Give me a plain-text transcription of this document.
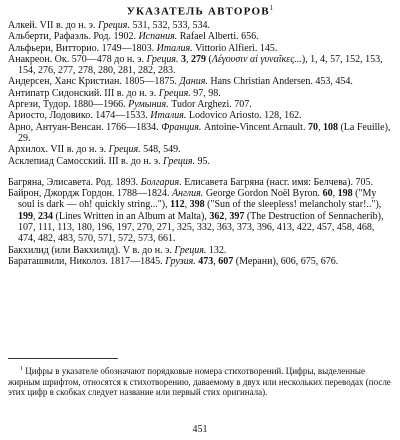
УКАЗАТЕЛЬ АВТОРОВ$^1$
Алкей. VII в. до н. э. Греция. 531, 532, 533, 534.
Альберти, Рафаэль. Род. 1902. Испания. Rafael Alberti. 656.
Альфьери, Витторио. 1749—1803. Италия. Vittorio Alfieri. 145.
Анакреон. Ок. 570—478 до н. э. Греция. 3, 279 (Λέγουσιν αἱ γυναῖκες...), 1, 4, 57, 152, 153, 154, 276, 277, 278, 280, 281, 282, 283.
Андерсен, Ханс Кристиан. 1805—1875. Дания. Hans Christian Andersen. 453, 454.
Антипатр Сидонский. III в. до н. э. Греция. 97, 98.
Аргези, Тудор. 1880—1966. Румыния. Tudor Arghezi. 707.
Ариосто, Лодовико. 1474—1533. Италия. Lodovico Ariosto. 128, 162.
Арно, Антуан-Венсан. 1766—1834. Франция. Antoine-Vincent Arnault. 70, 108 (La Feuille), 29.
Архилох. VII в. до н. э. Греция. 548, 549.
Асклепиад Самосский. III в. до н. э. Греция. 95.
Багряна, Элисавета. Род. 1893. Болгария. Елисавета Багряна (насг. имя: Белчева). 705.
Байрон, Джордж Гордон. 1788—1824. Англия. George Gordon Noël Byron. 60, 198 ("My soul is dark — oh! quickly string..."), 112, 398 ("Sun of the sleepless! melancholy star!.."), 199, 234 (Lines Written in an Album at Malta), 362, 397 (The Destruction of Sennacherib), 107, 111, 113, 180, 196, 197, 270, 271, 325, 332, 363, 373, 396, 413, 422, 457, 458, 468, 474, 482, 483, 570, 571, 572, 573, 661.
Бакхилид (или Вакхилид). V в. до н. э. Греция. 132.
Бараташвили, Николоз. 1817—1845. Грузия. 473, 607 (Мерани), 606, 675, 676.
$^1$ Цифры в указателе обозначают порядковые номера стихотворений. Цифры, выделенные жирным шрифтом, относятся к стихотворению, даваемому в двух или нескольких переводах (после этих цифр в скобках следует название или первый стих оригинала).
451
